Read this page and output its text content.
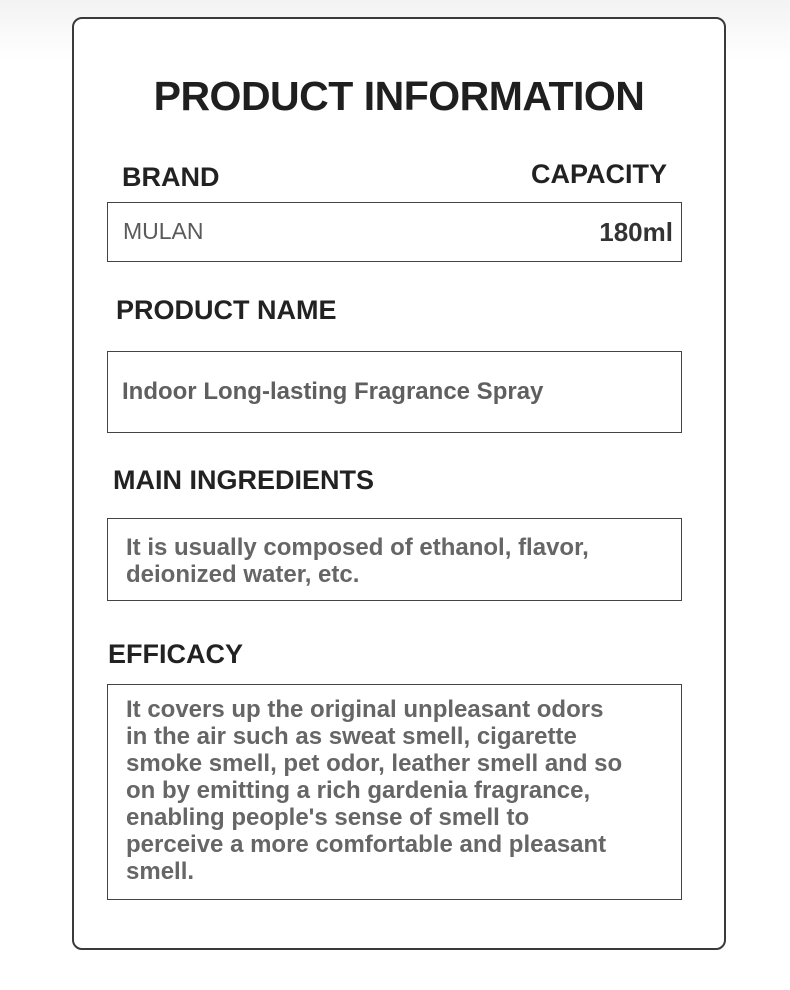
PRODUCT INFORMATION
BRAND	CAPACITY
MULAN	180ml
PRODUCT NAME
Indoor Long-lasting Fragrance Spray
MAIN INGREDIENTS
It is usually composed of ethanol, flavor,
deionized water, etc.
EFFICACY
It covers up the original unpleasant odors
in the air such as sweat smell, cigarette
smoke smell, pet odor, leather smell and so
on by emitting a rich gardenia fragrance,
enabling people's sense of smell to
perceive a more comfortable and pleasant
smell.
